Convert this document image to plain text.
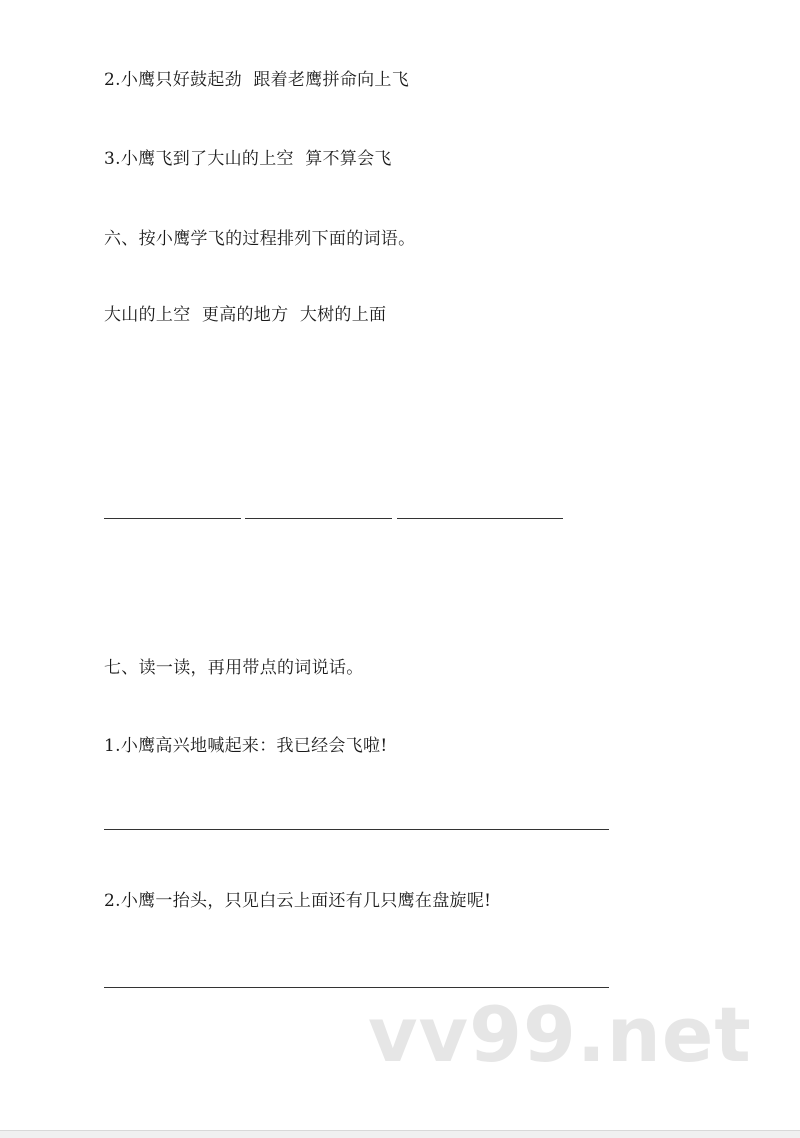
2.小鹰只好鼓起劲  跟着老鹰拼命向上飞
3.小鹰飞到了大山的上空  算不算会飞
六、按小鹰学飞的过程排列下面的词语。
大山的上空  更高的地方  大树的上面
七、读一读，再用带点的词说话。
1.小鹰高兴地喊起来：我已经会飞啦!
2.小鹰一抬头，只见白云上面还有几只鹰在盘旋呢!
vv99.net
